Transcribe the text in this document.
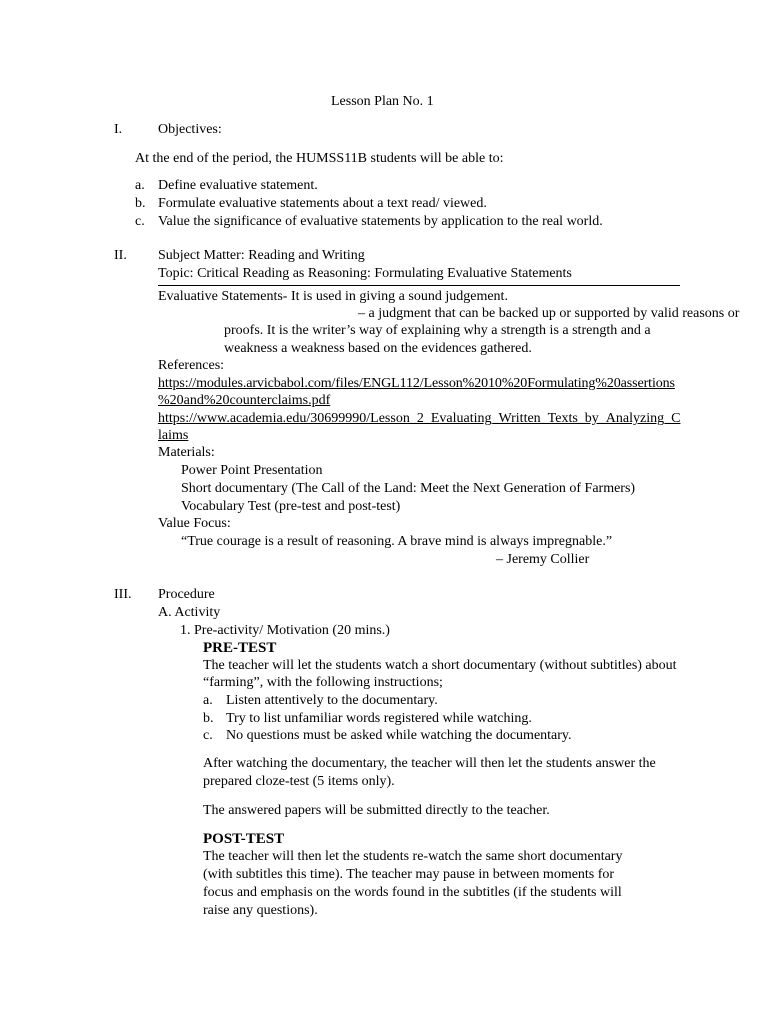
Lesson Plan No. 1
I.	Objectives:
At the end of the period, the HUMSS11B students will be able to:
a. Define evaluative statement.
b. Formulate evaluative statements about a text read/ viewed.
c. Value the significance of evaluative statements by application to the real world.
II. Subject Matter: Reading and Writing
Topic: Critical Reading as Reasoning: Formulating Evaluative Statements
Evaluative Statements- It is used in giving a sound judgement.
– a judgment that can be backed up or supported by valid reasons or
proofs. It is the writer’s way of explaining why a strength is a strength and a
weakness a weakness based on the evidences gathered.
References:
https://modules.arvicbabol.com/files/ENGL112/Lesson%2010%20Formulating%20assertions
%20and%20counterclaims.pdf
https://www.academia.edu/30699990/Lesson_2_Evaluating_Written_Texts_by_Analyzing_C
laims
Materials:
Power Point Presentation
Short documentary (The Call of the Land: Meet the Next Generation of Farmers)
Vocabulary Test (pre-test and post-test)
Value Focus:
“True courage is a result of reasoning. A brave mind is always impregnable.”
– Jeremy Collier
III. Procedure
A. Activity
1. Pre-activity/ Motivation (20 mins.)
PRE-TEST
The teacher will let the students watch a short documentary (without subtitles) about
“farming”, with the following instructions;
a. Listen attentively to the documentary.
b. Try to list unfamiliar words registered while watching.
c. No questions must be asked while watching the documentary.
After watching the documentary, the teacher will then let the students answer the
prepared cloze-test (5 items only).
The answered papers will be submitted directly to the teacher.
POST-TEST
The teacher will then let the students re-watch the same short documentary
(with subtitles this time). The teacher may pause in between moments for
focus and emphasis on the words found in the subtitles (if the students will
raise any questions).
